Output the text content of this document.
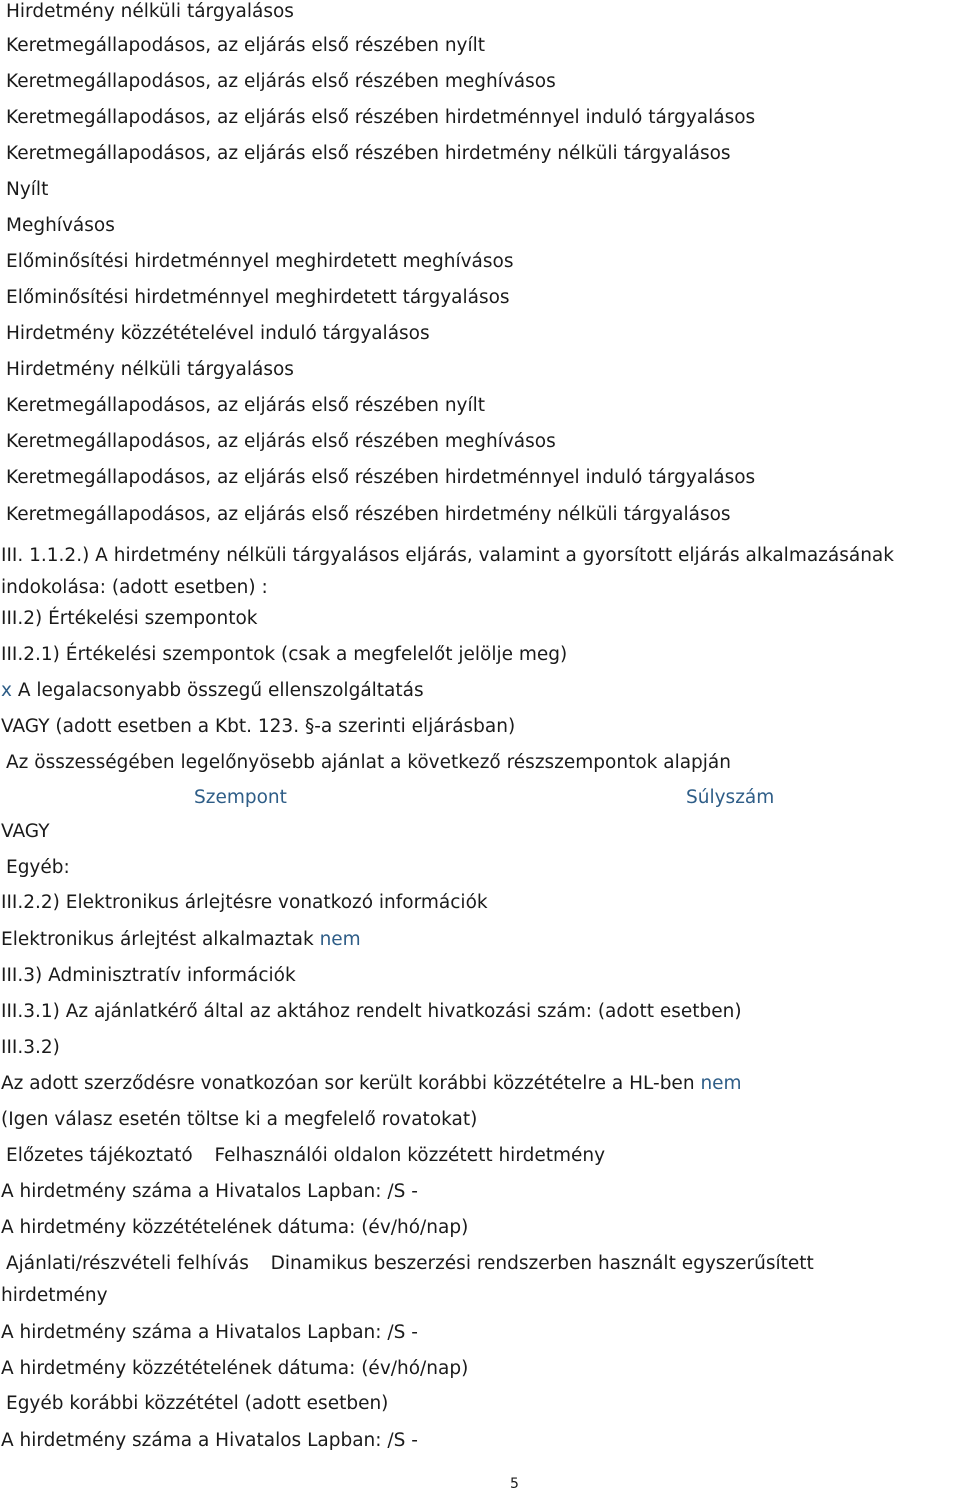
Hirdetmény nélküli tárgyalásos
Keretmegállapodásos, az eljárás első részében nyílt
Keretmegállapodásos, az eljárás első részében meghívásos
Keretmegállapodásos, az eljárás első részében hirdetménnyel induló tárgyalásos
Keretmegállapodásos, az eljárás első részében hirdetmény nélküli tárgyalásos
Nyílt
Meghívásos
Előminősítési hirdetménnyel meghirdetett meghívásos
Előminősítési hirdetménnyel meghirdetett tárgyalásos
Hirdetmény közzétételével induló tárgyalásos
Hirdetmény nélküli tárgyalásos
Keretmegállapodásos, az eljárás első részében nyílt
Keretmegállapodásos, az eljárás első részében meghívásos
Keretmegállapodásos, az eljárás első részében hirdetménnyel induló tárgyalásos
Keretmegállapodásos, az eljárás első részében hirdetmény nélküli tárgyalásos
III. 1.1.2.) A hirdetmény nélküli tárgyalásos eljárás, valamint a gyorsított eljárás alkalmazásának indokolása: (adott esetben) :
III.2) Értékelési szempontok
III.2.1) Értékelési szempontok (csak a megfelelőt jelölje meg)
x A legalacsonyabb összegű ellenszolgáltatás
VAGY (adott esetben a Kbt. 123. §-a szerinti eljárásban)
Az összességében legelőnyösebb ajánlat a következő részszempontok alapján
Szempont	Súlyszám
VAGY
Egyéb:
III.2.2) Elektronikus árlejtésre vonatkozó információk
Elektronikus árlejtést alkalmaztak nem
III.3) Adminisztratív információk
III.3.1) Az ajánlatkérő által az aktához rendelt hivatkozási szám: (adott esetben)
III.3.2)
Az adott szerződésre vonatkozóan sor került korábbi közzétételre a HL-ben nem
(Igen válasz esetén töltse ki a megfelelő rovatokat)
Előzetes tájékoztató Felhasználói oldalon közzétett hirdetmény
A hirdetmény száma a Hivatalos Lapban: /S -
A hirdetmény közzétételének dátuma: (év/hó/nap)
Ajánlati/részvételi felhívás Dinamikus beszerzési rendszerben használt egyszerűsített
hirdetmény
A hirdetmény száma a Hivatalos Lapban: /S -
A hirdetmény közzétételének dátuma: (év/hó/nap)
Egyéb korábbi közzététel (adott esetben)
A hirdetmény száma a Hivatalos Lapban: /S -
5
